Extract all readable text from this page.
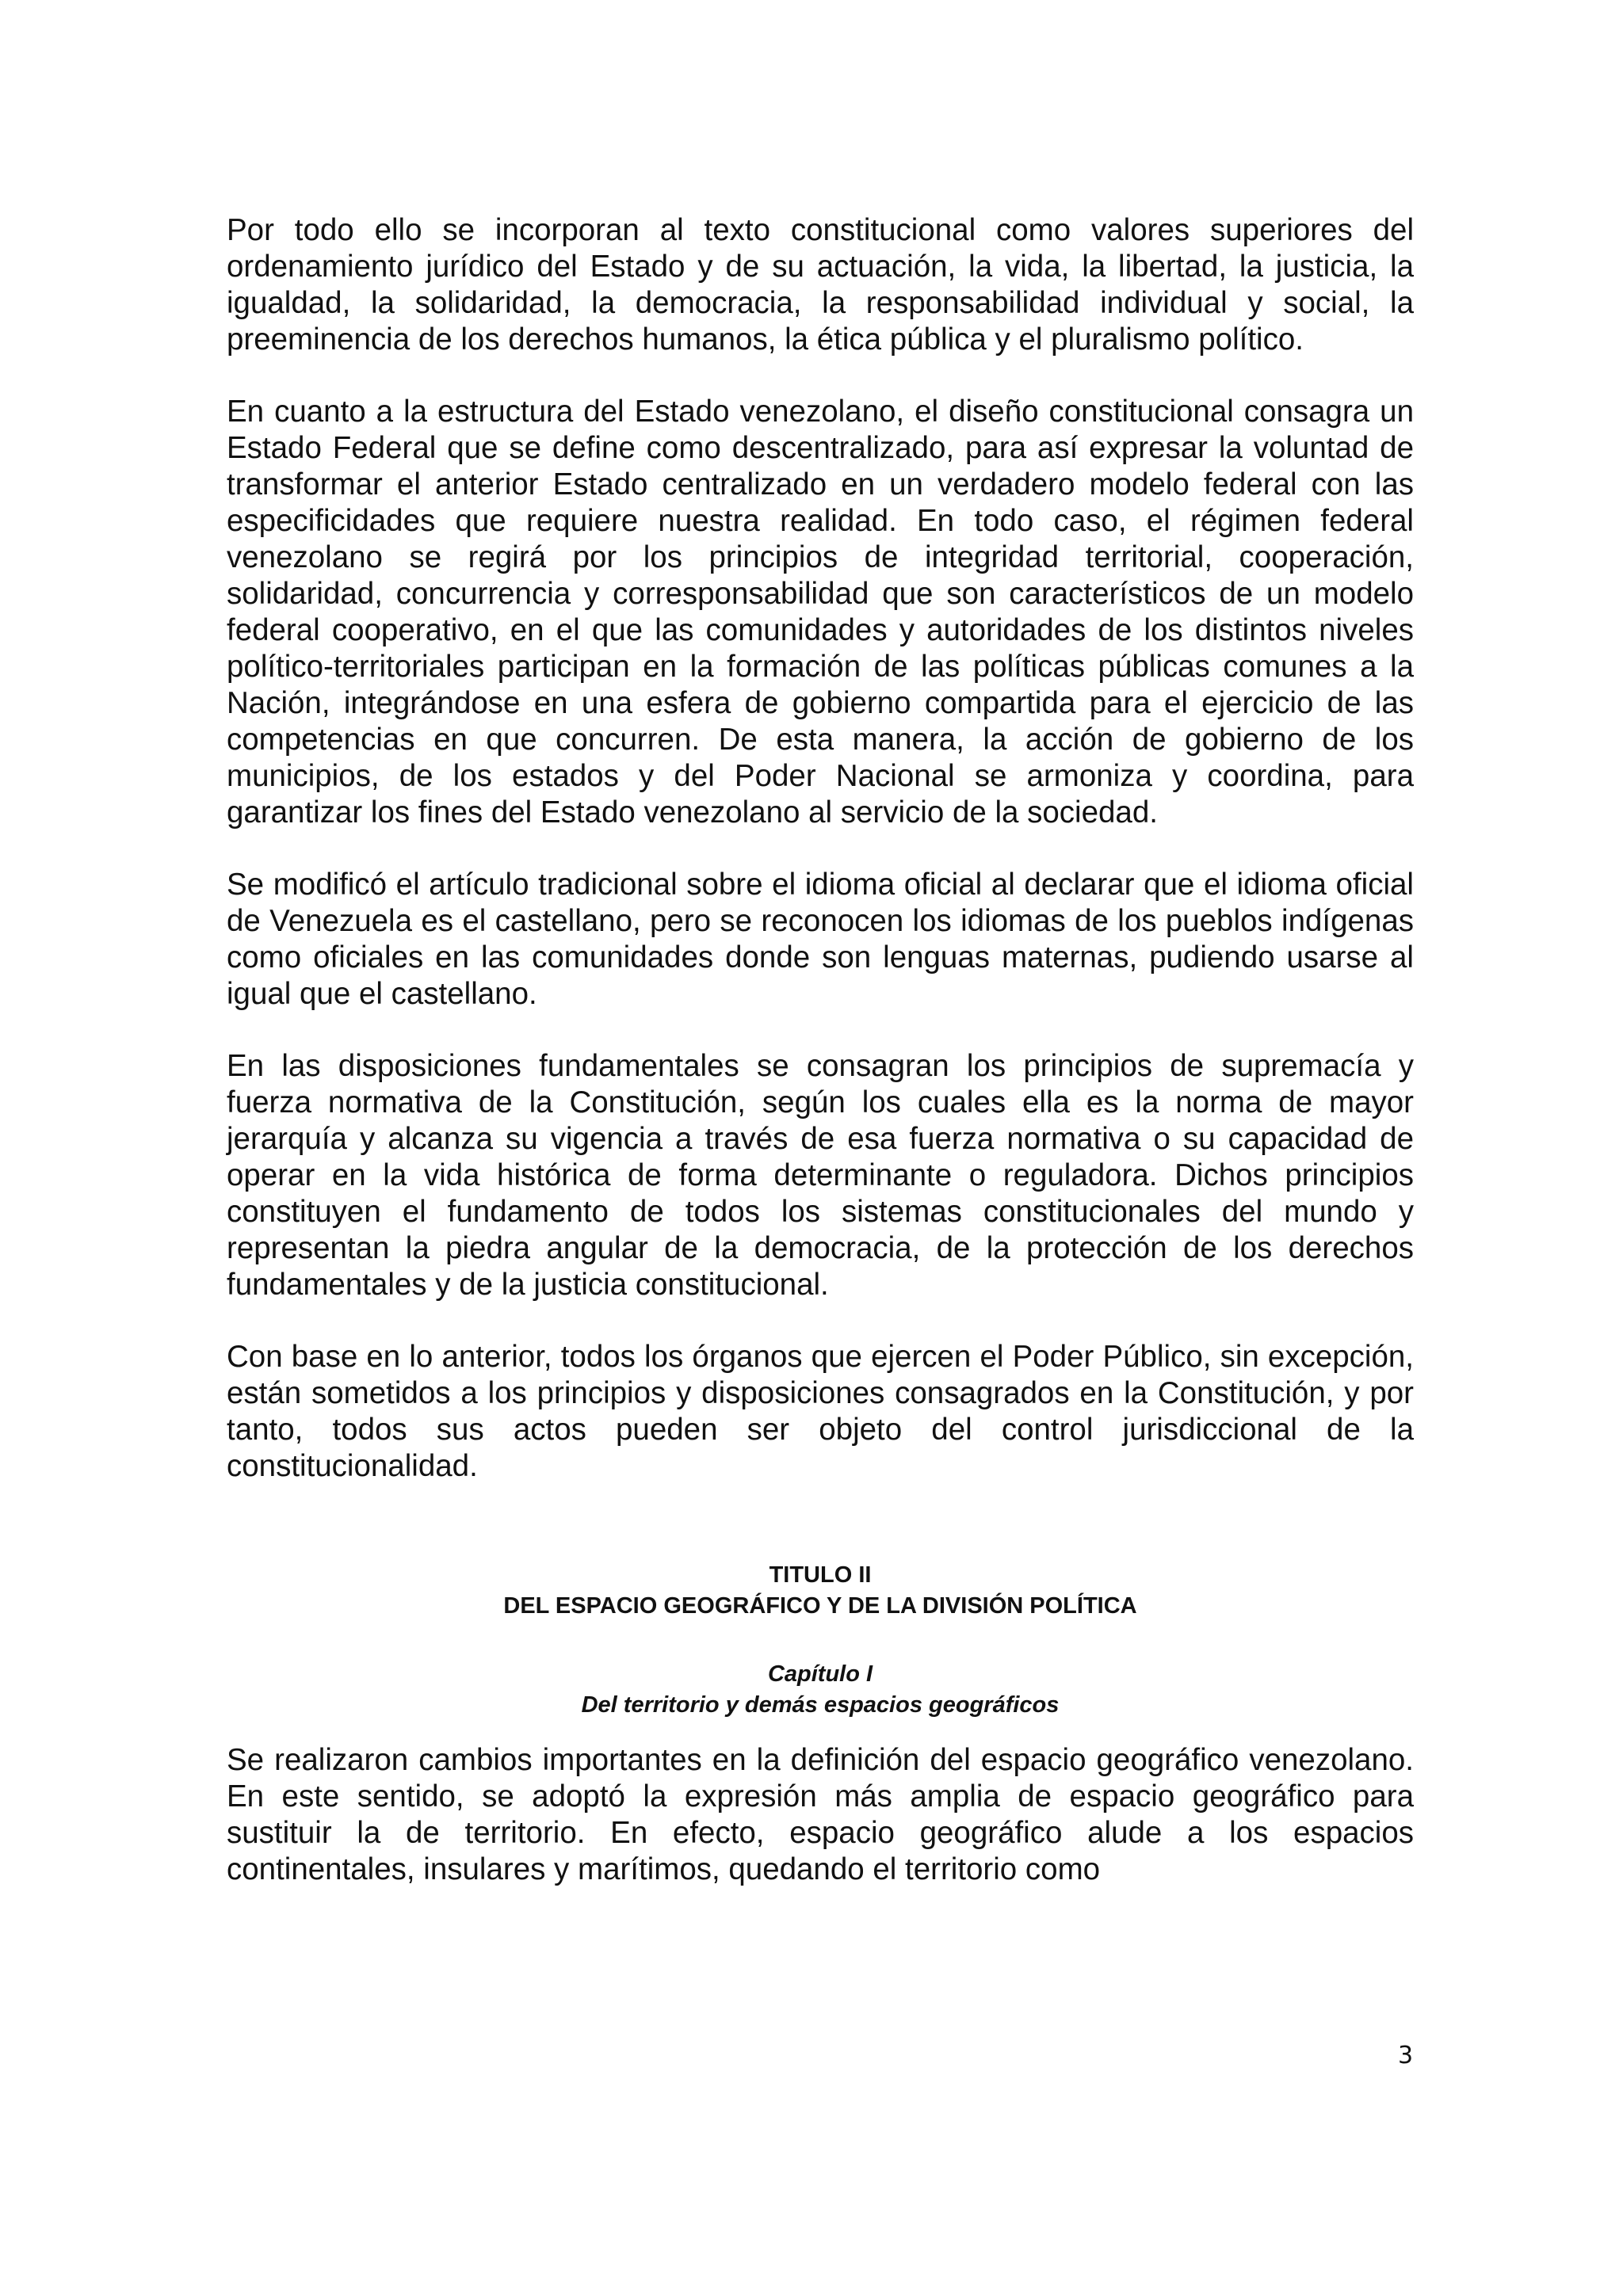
Por todo ello se incorporan al texto constitucional como valores superiores del ordenamiento jurídico del Estado y de su actuación, la vida, la libertad, la justicia, la igualdad, la solidaridad, la democracia, la responsabilidad individual y social, la preeminencia de los derechos humanos, la ética pública y el pluralismo político.

En cuanto a la estructura del Estado venezolano, el diseño constitucional consagra un Estado Federal que se define como descentralizado, para así expresar la voluntad de transformar el anterior Estado centralizado en un verdadero modelo federal con las especificidades que requiere nuestra realidad. En todo caso, el régimen federal venezolano se regirá por los principios de integridad territorial, cooperación, solidaridad, concurrencia y corresponsabilidad que son característicos de un modelo federal cooperativo, en el que las comunidades y autoridades de los distintos niveles político-territoriales participan en la formación de las políticas públicas comunes a la Nación, integrándose en una esfera de gobierno compartida para el ejercicio de las competencias en que concurren. De esta manera, la acción de gobierno de los municipios, de los estados y del Poder Nacional se armoniza y coordina, para garantizar los fines del Estado venezolano al servicio de la sociedad.

Se modificó el artículo tradicional sobre el idioma oficial al declarar que el idioma oficial de Venezuela es el castellano, pero se reconocen los idiomas de los pueblos indígenas como oficiales en las comunidades donde son lenguas maternas, pudiendo usarse al igual que el castellano.

En las disposiciones fundamentales se consagran los principios de supremacía y fuerza normativa de la Constitución, según los cuales ella es la norma de mayor jerarquía y alcanza su vigencia a través de esa fuerza normativa o su capacidad de operar en la vida histórica de forma determinante o reguladora. Dichos principios constituyen el fundamento de todos los sistemas constitucionales del mundo y representan la piedra angular de la democracia, de la protección de los derechos fundamentales y de la justicia constitucional.

Con base en lo anterior, todos los órganos que ejercen el Poder Público, sin excepción, están sometidos a los principios y disposiciones consagrados en la Constitución, y por tanto, todos sus actos pueden ser objeto del control jurisdiccional de la constitucionalidad.

TITULO II
DEL ESPACIO GEOGRÁFICO Y DE LA DIVISIÓN POLÍTICA
Capítulo I
Del territorio y demás espacios geográficos

Se realizaron cambios importantes en la definición del espacio geográfico venezolano. En este sentido, se adoptó la expresión más amplia de espacio geográfico para sustituir la de territorio. En efecto, espacio geográfico alude a los espacios continentales, insulares y marítimos, quedando el territorio como

3
